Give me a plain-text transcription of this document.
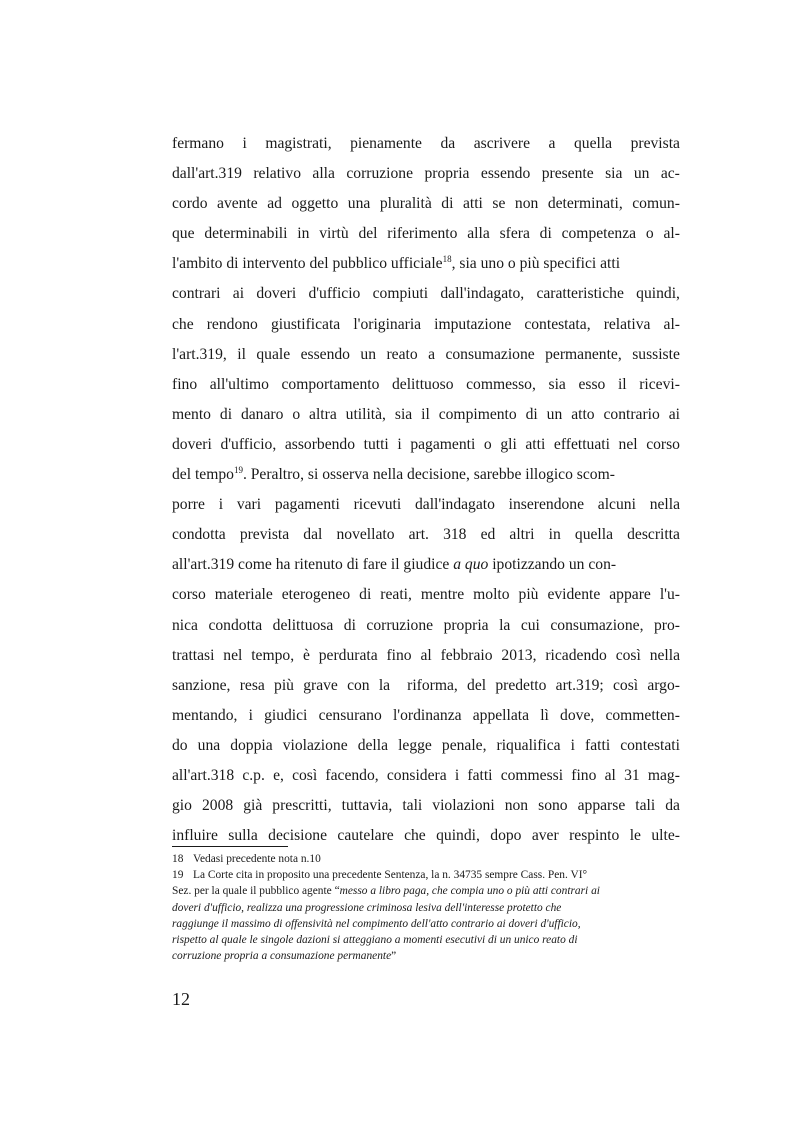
fermano i magistrati, pienamente da ascrivere a quella prevista
dall'art.319 relativo alla corruzione propria essendo presente sia un ac-
cordo avente ad oggetto una pluralità di atti se non determinati, comun-
que determinabili in virtù del riferimento alla sfera di competenza o al-
l'ambito di intervento del pubblico ufficiale$^{18}$, sia uno o più specifici atti
contrari ai doveri d'ufficio compiuti dall'indagato, caratteristiche quindi,
che rendono giustificata l'originaria imputazione contestata, relativa al-
l'art.319, il quale essendo un reato a consumazione permanente, sussiste
fino all'ultimo comportamento delittuoso commesso, sia esso il ricevi-
mento di danaro o altra utilità, sia il compimento di un atto contrario ai
doveri d'ufficio, assorbendo tutti i pagamenti o gli atti effettuati nel corso
del tempo$^{19}$. Peraltro, si osserva nella decisione, sarebbe illogico scom-
porre i vari pagamenti ricevuti dall'indagato inserendone alcuni nella
condotta prevista dal novellato art. 318 ed altri in quella descritta
all'art.319 come ha ritenuto di fare il giudice a quo ipotizzando un con-
corso materiale eterogeneo di reati, mentre molto più evidente appare l'u-
nica condotta delittuosa di corruzione propria la cui consumazione, pro-
trattasi nel tempo, è perdurata fino al febbraio 2013, ricadendo così nella
sanzione, resa più grave con la riforma, del predetto art.319; così argo-
mentando, i giudici censurano l'ordinanza appellata lì dove, commetten-
do una doppia violazione della legge penale, riqualifica i fatti contestati
all'art.318 c.p. e, così facendo, considera i fatti commessi fino al 31 mag-
gio 2008 già prescritti, tuttavia, tali violazioni non sono apparse tali da
influire sulla decisione cautelare che quindi, dopo aver respinto le ulte-
18 Vedasi precedente nota n.10
19 La Corte cita in proposito una precedente Sentenza, la n. 34735 sempre Cass. Pen. VI°
Sez. per la quale il pubblico agente “messo a libro paga, che compia uno o più atti contrari ai
doveri d'ufficio, realizza una progressione criminosa lesiva dell'interesse protetto che
raggiunge il massimo di offensività nel compimento dell'atto contrario ai doveri d'ufficio,
rispetto al quale le singole dazioni si atteggiano a momenti esecutivi di un unico reato di
corruzione propria a consumazione permanente”
12
